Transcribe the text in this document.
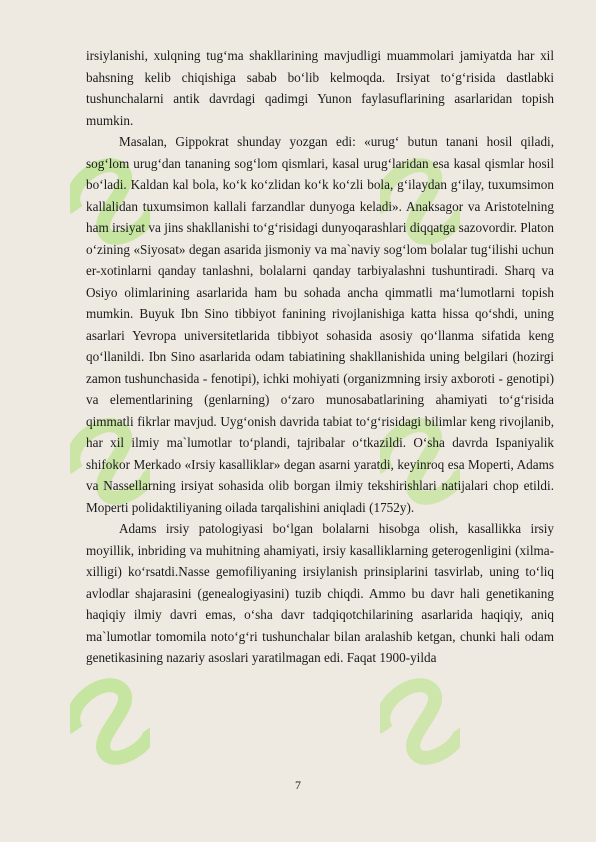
irsiylanishi, xulqning tug‘ma shakllarining mavjudligi muammolari jamiyatda har xil bahsning kelib chiqishiga sabab bo‘lib kelmoqda. Irsiyat to‘g‘risida dastlabki tushunchalarni antik davrdagi qadimgi Yunon faylasuflarining asarlaridan topish mumkin.

Masalan, Gippokrat shunday yozgan edi: «urug‘ butun tanani hosil qiladi, sog‘lom urug‘dan tananing sog‘lom qismlari, kasal urug‘laridan esa kasal qismlar hosil bo‘ladi. Kaldan kal bola, ko‘k ko‘zlidan ko‘k ko‘zli bola, g‘ilaydan g‘ilay, tuxumsimon kallalidan tuxumsimon kallali farzandlar dunyoga keladi». Anaksagor va Aristotelning ham irsiyat va jins shakllanishi to‘g‘risidagi dunyoqarashlari diqqatga sazovordir. Platon o‘zining «Siyosat» degan asarida jismoniy va ma`naviy sog‘lom bolalar tug‘ilishi uchun er-xotinlarni qanday tanlashni, bolalarni qanday tarbiyalashni tushuntiradi. Sharq va Osiyo olimlarining asarlarida ham bu sohada ancha qimmatli ma‘lumotlarni topish mumkin. Buyuk Ibn Sino tibbiyot fanining rivojlanishiga katta hissa qo‘shdi, uning asarlari Yevropa universitetlarida tibbiyot sohasida asosiy qo‘llanma sifatida keng qo‘llanildi. Ibn Sino asarlarida odam tabiatining shakllanishida uning belgilari (hozirgi zamon tushunchasida - fenotipi), ichki mohiyati (organizmning irsiy axboroti - genotipi) va elementlarining (genlarning) o‘zaro munosabatlarining ahamiyati to‘g‘risida qimmatli fikrlar mavjud. Uyg‘onish davrida tabiat to‘g‘risidagi bilimlar keng rivojlanib, har xil ilmiy ma`lumotlar to‘plandi, tajribalar o‘tkazildi. O‘sha davrda Ispaniyalik shifokor Merkado «Irsiy kasalliklar» degan asarni yaratdi, keyinroq esa Moperti, Adams va Nassellarning irsiyat sohasida olib borgan ilmiy tekshirishlari natijalari chop etildi. Moperti polidaktiliyaning oilada tarqalishini aniqladi (1752y).

Adams irsiy patologiyasi bo‘lgan bolalarni hisobga olish, kasallikka irsiy moyillik, inbriding va muhitning ahamiyati, irsiy kasalliklarning geterogenligini (xilma-xilligi) ko‘rsatdi.Nasse gemofiliyaning irsiylanish prinsiplarini tasvirlab, uning to‘liq avlodlar shajarasini (genealogiyasini) tuzib chiqdi. Ammo bu davr hali genetikaning haqiqiy ilmiy davri emas, o‘sha davr tadqiqotchilarining asarlarida haqiqiy, aniq ma`lumotlar tomomila noto‘g‘ri tushunchalar bilan aralashib ketgan, chunki hali odam genetikasining nazariy asoslari yaratilmagan edi. Faqat 1900-yilda

7
